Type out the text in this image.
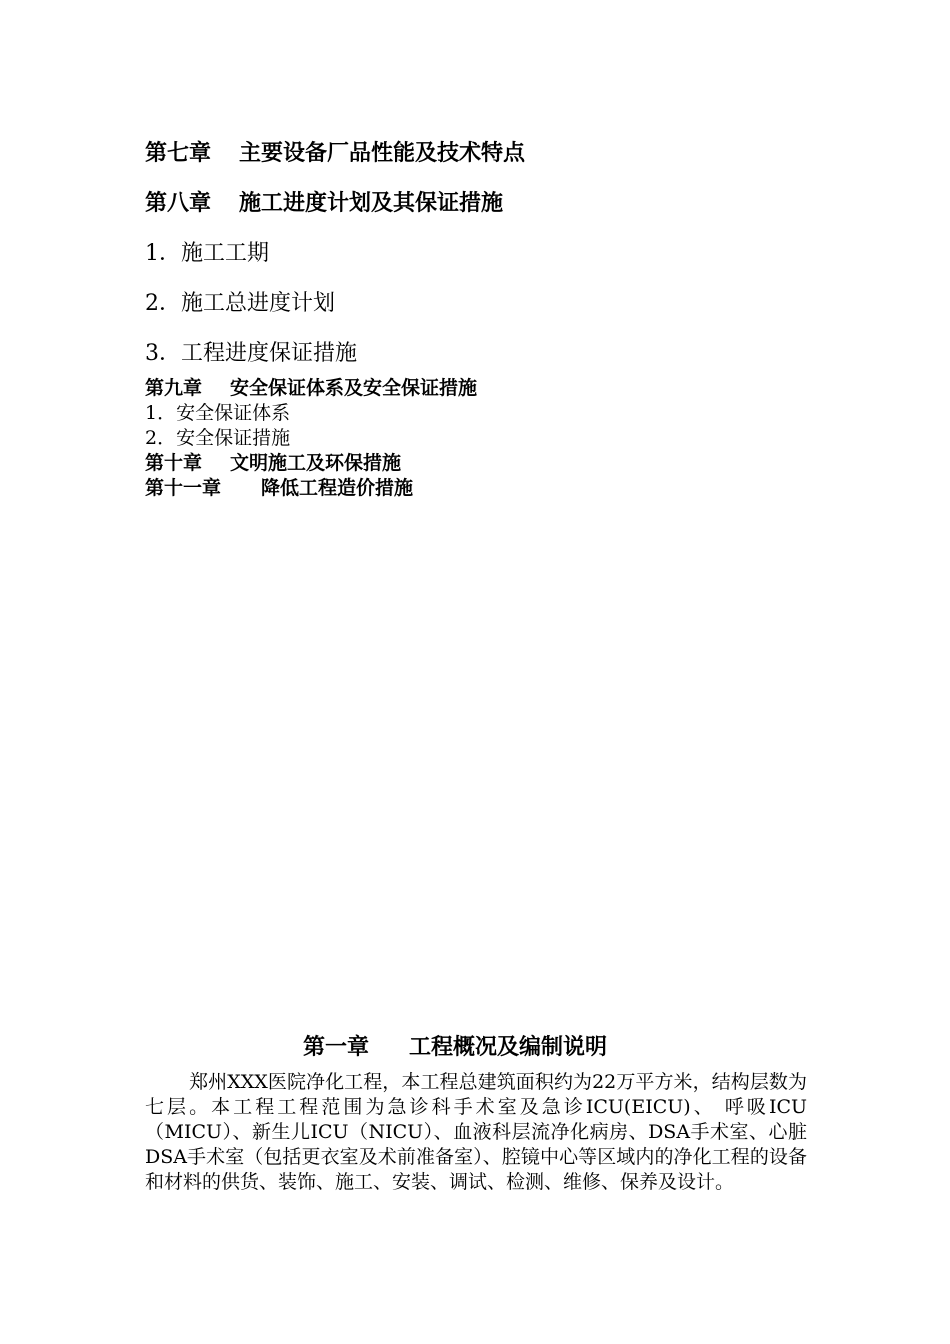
第七章 主要设备厂品性能及技术特点
第八章 施工进度计划及其保证措施
1．施工工期
2．施工总进度计划
3．工程进度保证措施
第九章 安全保证体系及安全保证措施
1．安全保证体系
2．安全保证措施
第十章 文明施工及环保措施
第十一章 降低工程造价措施
第一章 工程概况及编制说明

郑州XXX医院净化工程，本工程总建筑面积约为22万平方米，结构层数为七层。本工程工程范围为急诊科手术室及急诊ICU(EICU)、 呼吸ICU（MICU）、新生儿ICU（NICU）、血液科层流净化病房、DSA手术室、心脏DSA手术室（包括更衣室及术前准备室）、腔镜中心等区域内的净化工程的设备和材料的供货、装饰、施工、安装、调试、检测、维修、保养及设计。
